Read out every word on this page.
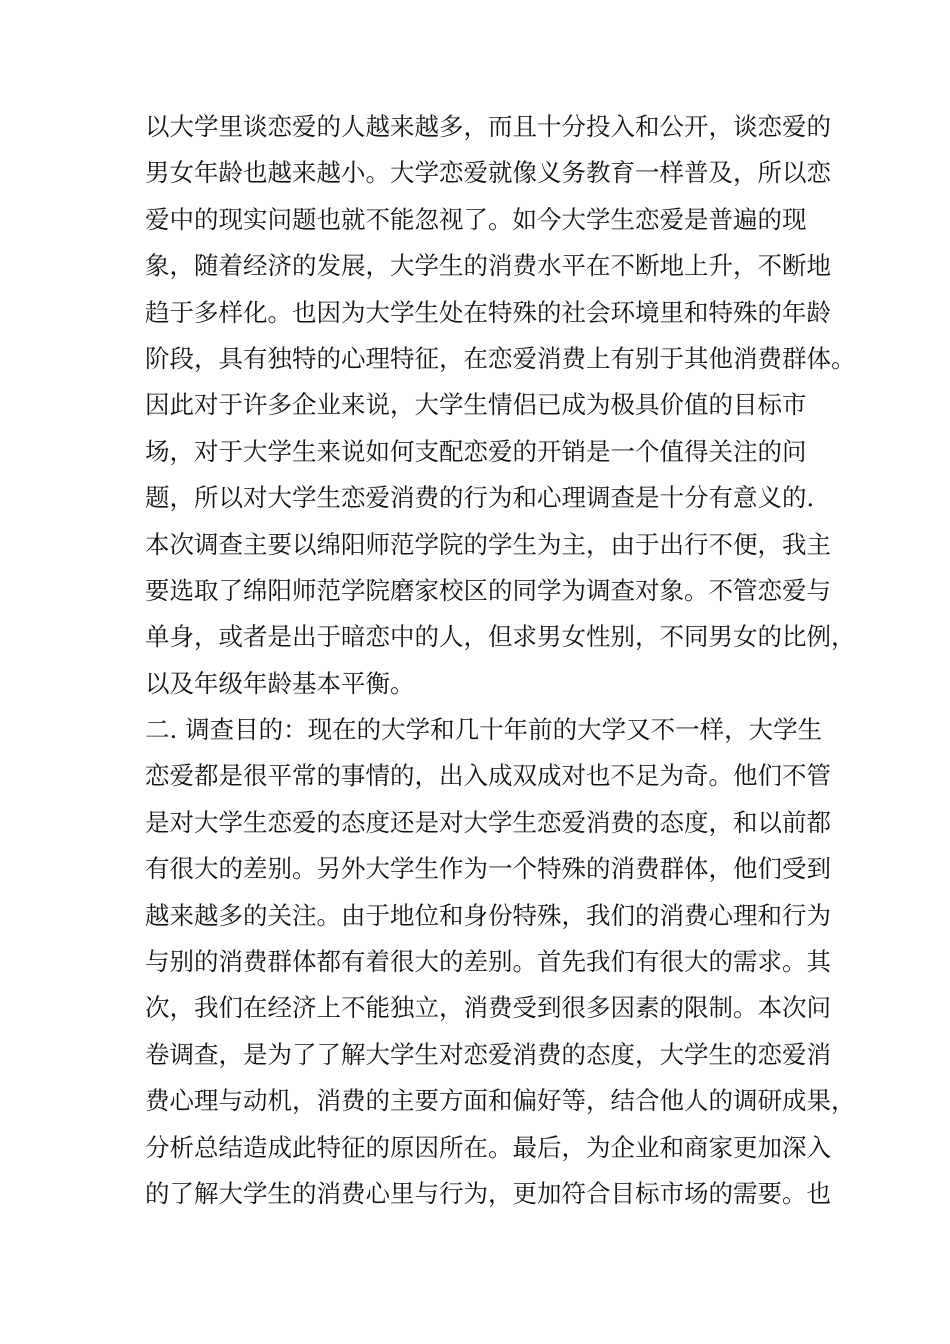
以大学里谈恋爱的人越来越多，而且十分投入和公开，谈恋爱的
男女年龄也越来越小。大学恋爱就像义务教育一样普及，所以恋
爱中的现实问题也就不能忽视了。如今大学生恋爱是普遍的现
象，随着经济的发展，大学生的消费水平在不断地上升，不断地
趋于多样化。也因为大学生处在特殊的社会环境里和特殊的年龄
阶段，具有独特的心理特征，在恋爱消费上有别于其他消费群体。
因此对于许多企业来说，大学生情侣已成为极具价值的目标市
场，对于大学生来说如何支配恋爱的开销是一个值得关注的问
题，所以对大学生恋爱消费的行为和心理调查是十分有意义的．
本次调查主要以绵阳师范学院的学生为主，由于出行不便，我主
要选取了绵阳师范学院磨家校区的同学为调查对象。不管恋爱与
单身，或者是出于暗恋中的人，但求男女性别，不同男女的比例，
以及年级年龄基本平衡。
二. 调查目的：现在的大学和几十年前的大学又不一样，大学生
恋爱都是很平常的事情的，出入成双成对也不足为奇。他们不管
是对大学生恋爱的态度还是对大学生恋爱消费的态度，和以前都
有很大的差别。另外大学生作为一个特殊的消费群体，他们受到
越来越多的关注。由于地位和身份特殊，我们的消费心理和行为
与别的消费群体都有着很大的差别。首先我们有很大的需求。其
次，我们在经济上不能独立，消费受到很多因素的限制。本次问
卷调查，是为了了解大学生对恋爱消费的态度，大学生的恋爱消
费心理与动机，消费的主要方面和偏好等，结合他人的调研成果，
分析总结造成此特征的原因所在。最后，为企业和商家更加深入
的了解大学生的消费心里与行为，更加符合目标市场的需要。也
